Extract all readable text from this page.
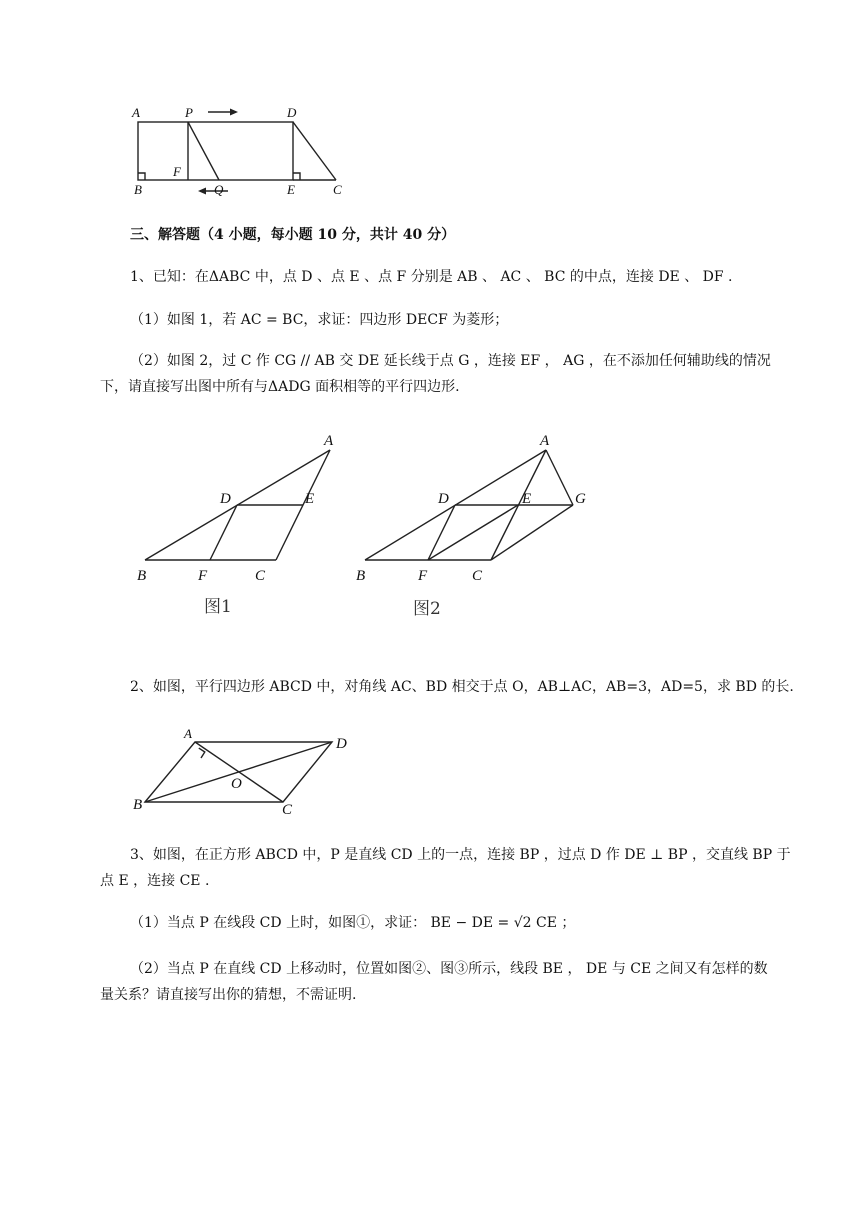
A	P	D
F
B	Q	E	C
三、解答题（4 小题，每小题 10 分，共计 40 分）
1、已知：在ΔABC 中，点 D 、点 E 、点 F 分别是 AB 、 AC 、 BC 的中点，连接 DE 、 DF .
（1）如图 1，若 AC = BC，求证：四边形 DECF 为菱形；
（2）如图 2，过 C 作 CG // AB 交 DE 延长线于点 G ，连接 EF ， AG ，在不添加任何辅助线的情况
下，请直接写出图中所有与ΔADG 面积相等的平行四边形.
A
D	E
B	F	C
图1
A
D	E	G
B	F	C
图2
2、如图，平行四边形 ABCD 中，对角线 AC、BD 相交于点 O，AB⊥AC，AB=3，AD=5，求 BD 的长.
A
D
O
B	C
3、如图，在正方形 ABCD 中，P 是直线 CD 上的一点，连接 BP ，过点 D 作 DE ⊥ BP ，交直线 BP 于
点 E ，连接 CE .
（1）当点 P 在线段 CD 上时，如图①，求证： BE − DE = √2 CE ；
（2）当点 P 在直线 CD 上移动时，位置如图②、图③所示，线段 BE ， DE 与 CE 之间又有怎样的数
量关系？请直接写出你的猜想，不需证明.
